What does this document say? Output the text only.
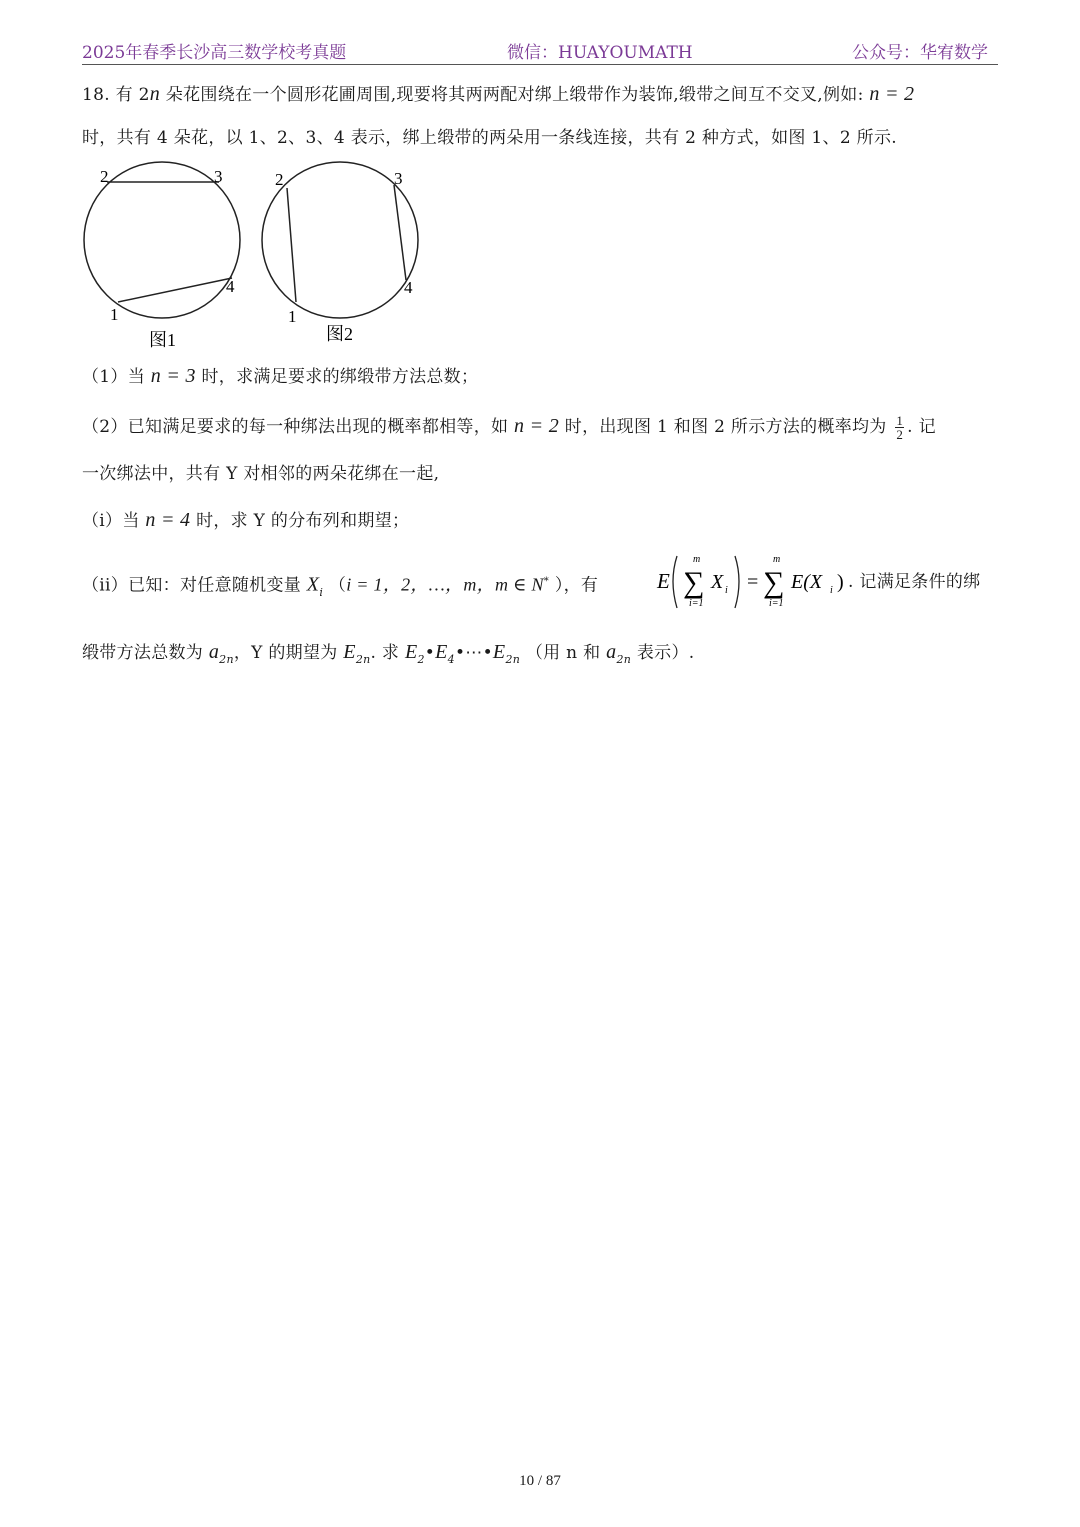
2025年春季长沙高三数学校考真题	微信：HUAYOUMATH	公众号：华宥数学
18. 有 2n 朵花围绕在一个圆形花圃周围,现要将其两两配对绑上缎带作为装饰,缎带之间互不交叉,例如: n = 2
时，共有 4 朵花，以 1、2、3、4 表示，绑上缎带的两朵用一条线连接，共有 2 种方式，如图 1、2 所示.
2	3
4
1
图1
2	3
4
1
图2
（1）当 n = 3 时，求满足要求的绑缎带方法总数；
（2）已知满足要求的每一种绑法出现的概率都相等，如 n = 2 时，出现图 1 和图 2 所示方法的概率均为 $\frac{1}{2}$ . 记
一次绑法中，共有 Y 对相邻的两朵花绑在一起,
（i）当 n = 4 时，求 Y 的分布列和期望；
（ii）已知：对任意随机变量 $X_i$ （i = 1，2，…，m，m ∈ N* ），有	E
m
∑
i=1
X i =
m
∑
i=1
E(X i ) . 记满足条件的绑
缎带方法总数为 $a_{2n}$，Y 的期望为 $E_{2n}$. 求 $E_2•E_4•\cdots•E_{2n}$ （用 n 和 $a_{2n}$ 表示）.
10 / 87
